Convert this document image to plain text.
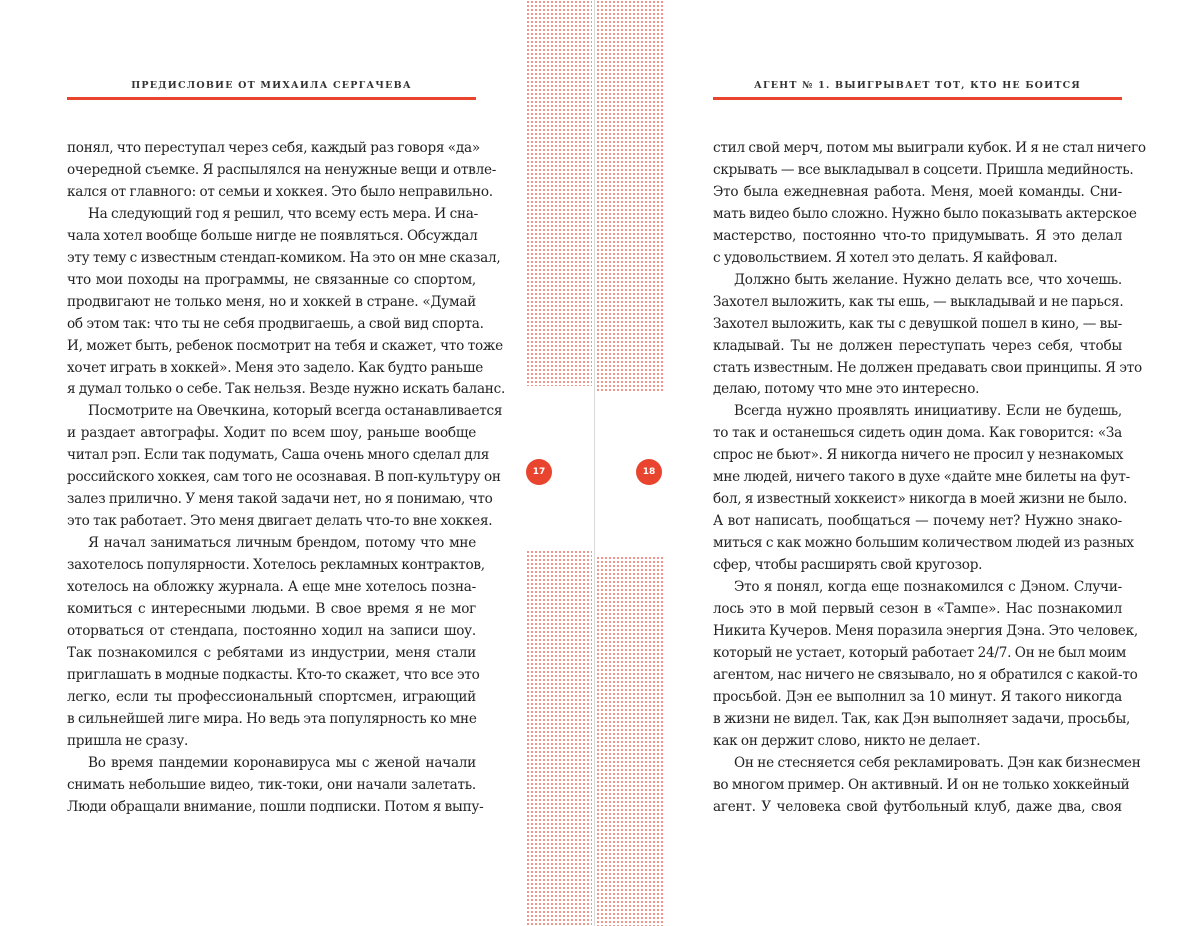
ПРЕДИСЛОВИЕ ОТ МИХАИЛА СЕРГАЧЕВА
понял, что переступал через себя, каждый раз говоря «да»
очередной съемке. Я распылялся на ненужные вещи и отвле-
кался от главного: от семьи и хоккея. Это было неправильно.
На следующий год я решил, что всему есть мера. И сна-
чала хотел вообще больше нигде не появляться. Обсуждал
эту тему с известным стендап-комиком. На это он мне сказал,
что мои походы на программы, не связанные со спортом,
продвигают не только меня, но и хоккей в стране. «Думай
об этом так: что ты не себя продвигаешь, а свой вид спорта.
И, может быть, ребенок посмотрит на тебя и скажет, что тоже
хочет играть в хоккей». Меня это задело. Как будто раньше
я думал только о себе. Так нельзя. Везде нужно искать баланс.
Посмотрите на Овечкина, который всегда останавливается
и раздает автографы. Ходит по всем шоу, раньше вообще
читал рэп. Если так подумать, Саша очень много сделал для
российского хоккея, сам того не осознавая. В поп-культуру он
залез прилично. У меня такой задачи нет, но я понимаю, что
это так работает. Это меня двигает делать что-то вне хоккея.
Я начал заниматься личным брендом, потому что мне
захотелось популярности. Хотелось рекламных контрактов,
хотелось на обложку журнала. А еще мне хотелось позна-
комиться с интересными людьми. В свое время я не мог
оторваться от стендапа, постоянно ходил на записи шоу.
Так познакомился с ребятами из индустрии, меня стали
приглашать в модные подкасты. Кто-то скажет, что все это
легко, если ты профессиональный спортсмен, играющий
в сильнейшей лиге мира. Но ведь эта популярность ко мне
пришла не сразу.
Во время пандемии коронавируса мы с женой начали
снимать небольшие видео, тик-токи, они начали залетать.
Люди обращали внимание, пошли подписки. Потом я выпу-
17	18
АГЕНТ № 1. ВЫИГРЫВАЕТ ТОТ, КТО НЕ БОИТСЯ
стил свой мерч, потом мы выиграли кубок. И я не стал ничего
скрывать — все выкладывал в соцсети. Пришла медийность.
Это была ежедневная работа. Меня, моей команды. Сни-
мать видео было сложно. Нужно было показывать актерское
мастерство, постоянно что-то придумывать. Я это делал
с удовольствием. Я хотел это делать. Я кайфовал.
Должно быть желание. Нужно делать все, что хочешь.
Захотел выложить, как ты ешь, — выкладывай и не парься.
Захотел выложить, как ты с девушкой пошел в кино, — вы-
кладывай. Ты не должен переступать через себя, чтобы
стать известным. Не должен предавать свои принципы. Я это
делаю, потому что мне это интересно.
Всегда нужно проявлять инициативу. Если не будешь,
то так и останешься сидеть один дома. Как говорится: «За
спрос не бьют». Я никогда ничего не просил у незнакомых
мне людей, ничего такого в духе «дайте мне билеты на фут-
бол, я известный хоккеист» никогда в моей жизни не было.
А вот написать, пообщаться — почему нет? Нужно знако-
миться с как можно большим количеством людей из разных
сфер, чтобы расширять свой кругозор.
Это я понял, когда еще познакомился с Дэном. Случи-
лось это в мой первый сезон в «Тампе». Нас познакомил
Никита Кучеров. Меня поразила энергия Дэна. Это человек,
который не устает, который работает 24/7. Он не был моим
агентом, нас ничего не связывало, но я обратился с какой-то
просьбой. Дэн ее выполнил за 10 минут. Я такого никогда
в жизни не видел. Так, как Дэн выполняет задачи, просьбы,
как он держит слово, никто не делает.
Он не стесняется себя рекламировать. Дэн как бизнесмен
во многом пример. Он активный. И он не только хоккейный
агент. У человека свой футбольный клуб, даже два, своя
